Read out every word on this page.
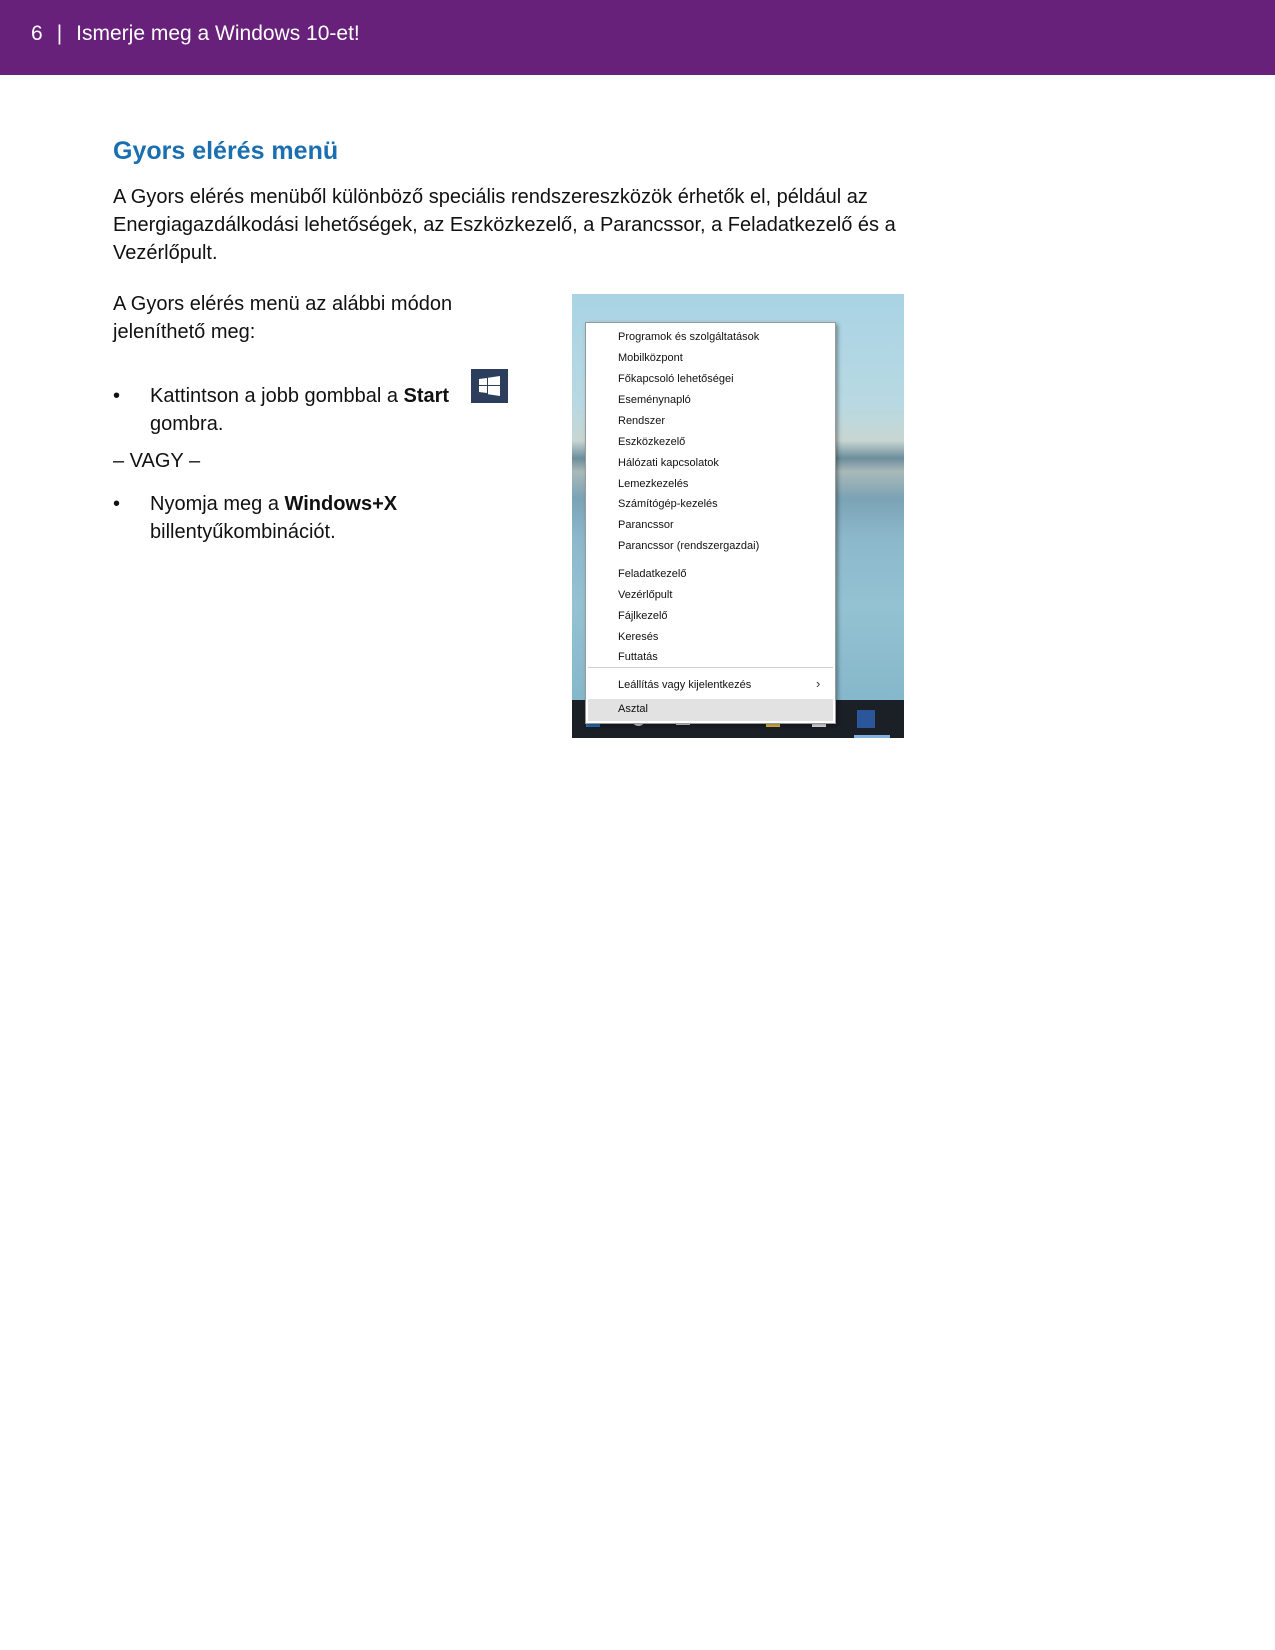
6 | Ismerje meg a Windows 10-et!
Gyors elérés menü

A Gyors elérés menüből különböző speciális rendszereszközök érhetők el, például az Energiagazdálkodási lehetőségek, az Eszközkezelő, a Parancssor, a Feladatkezelő és a Vezérlőpult.

A Gyors elérés menü az alábbi módon jeleníthető meg:

• Kattintson a jobb gombbal a Start
gombra.
– VAGY –
• Nyomja meg a Windows+X
billentyűkombinációt.
Programok és szolgáltatások
Mobilközpont
Főkapcsoló lehetőségei
Eseménynapló
Rendszer
Eszközkezelő
Hálózati kapcsolatok
Lemezkezelés
Számítógép-kezelés
Parancssor
Parancssor (rendszergazdai)
Feladatkezelő
Vezérlőpult
Fájlkezelő
Keresés
Futtatás
Leállítás vagy kijelentkezés	›
Asztal
